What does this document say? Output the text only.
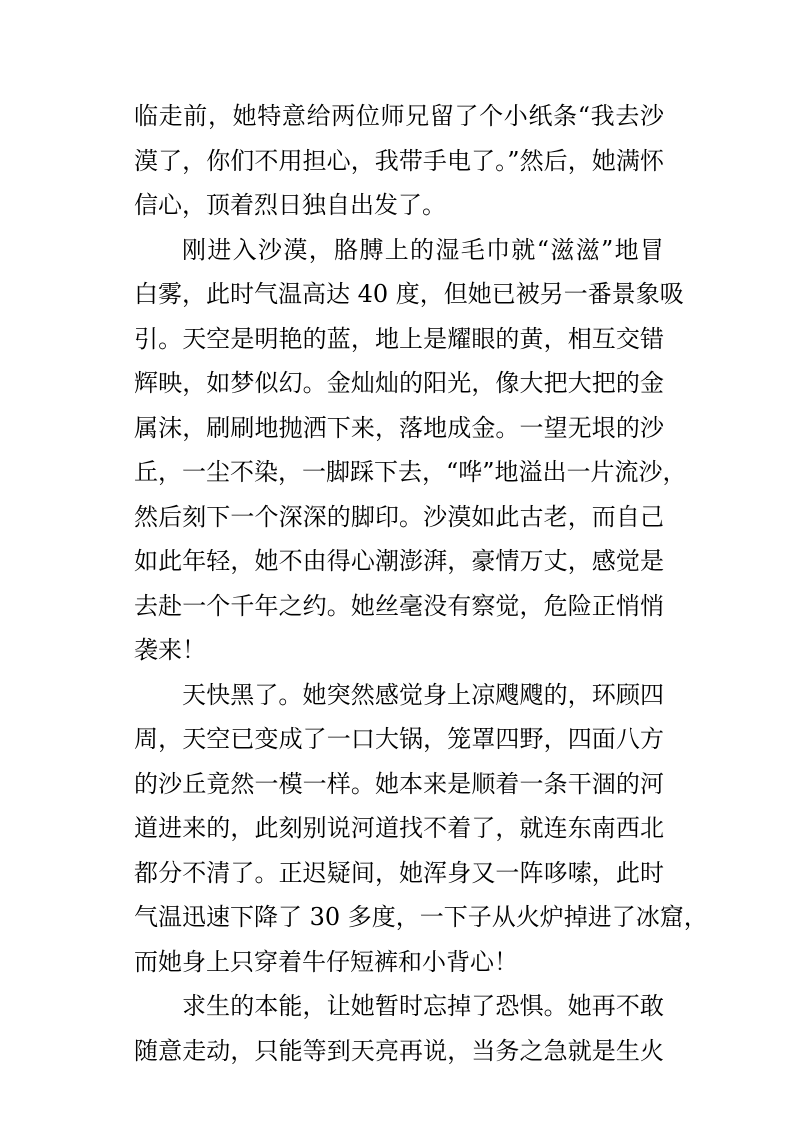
临走前，她特意给两位师兄留了个小纸条“我去沙
漠了，你们不用担心，我带手电了。”然后，她满怀
信心，顶着烈日独自出发了。
刚进入沙漠，胳膊上的湿毛巾就“滋滋”地冒
白雾，此时气温高达 40 度，但她已被另一番景象吸
引。天空是明艳的蓝，地上是耀眼的黄，相互交错
辉映，如梦似幻。金灿灿的阳光，像大把大把的金
属沫，刷刷地抛洒下来，落地成金。一望无垠的沙
丘，一尘不染，一脚踩下去，“哗”地溢出一片流沙，
然后刻下一个深深的脚印。沙漠如此古老，而自己
如此年轻，她不由得心潮澎湃，豪情万丈，感觉是
去赴一个千年之约。她丝毫没有察觉，危险正悄悄
袭来！
天快黑了。她突然感觉身上凉飕飕的，环顾四
周，天空已变成了一口大锅，笼罩四野，四面八方
的沙丘竟然一模一样。她本来是顺着一条干涸的河
道进来的，此刻别说河道找不着了，就连东南西北
都分不清了。正迟疑间，她浑身又一阵哆嗦，此时
气温迅速下降了 30 多度，一下子从火炉掉进了冰窟，
而她身上只穿着牛仔短裤和小背心！
求生的本能，让她暂时忘掉了恐惧。她再不敢
随意走动，只能等到天亮再说，当务之急就是生火
